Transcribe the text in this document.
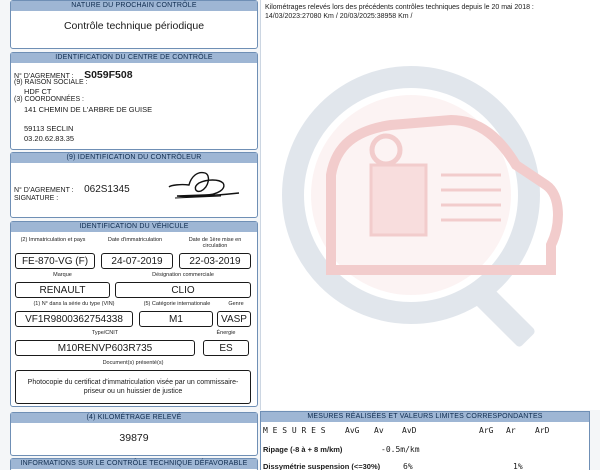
NATURE DU PROCHAIN CONTRÔLE
Contrôle technique périodique
IDENTIFICATION DU CENTRE DE CONTRÔLE
N° D'AGREMENT : S059F508
(9) RAISON SOCIALE :
HDF CT
(3) COORDONNÉES :
141 CHEMIN DE L'ARBRE DE GUISE
59113 SECLIN
03.20.62.83.35
(9) IDENTIFICATION DU CONTRÔLEUR
N° D'AGREMENT : 062S1345
SIGNATURE :
IDENTIFICATION DU VÉHICULE
(2) Immatriculation et pays	Date d'immatriculation	Date de 1ère mise en circulation
FE-870-VG (F)	24-07-2019	22-03-2019
Marque	Désignation commerciale
RENAULT	CLIO
(1) N° dans la série du type (VIN)	(5) Catégorie internationale	Genre
VF1R9800362754338	M1	VASP
Type/CNIT	Énergie
M10RENVP603R735	ES
Document(s) présenté(s)
Photocopie du certificat d'immatriculation visée par un commissaire-priseur ou un huissier de justice
(4) KILOMÉTRAGE RELEVÉ
39879
INFORMATIONS SUR LE CONTRÔLE TECHNIQUE DÉFAVORABLE
Kilométrages relevés lors des précédents contrôles techniques depuis le 20 mai 2018 :
14/03/2023:27080 Km / 20/03/2025:38958 Km /
MESURES RÉALISÉES ET VALEURS LIMITES CORRESPONDANTES
M E S U R E S AvG Av AvD	ArG Ar ArD
Ripage (-8 à + 8 m/km)	-0.5m/km
Dissymétrie suspension (<=30%)	6%	1%
